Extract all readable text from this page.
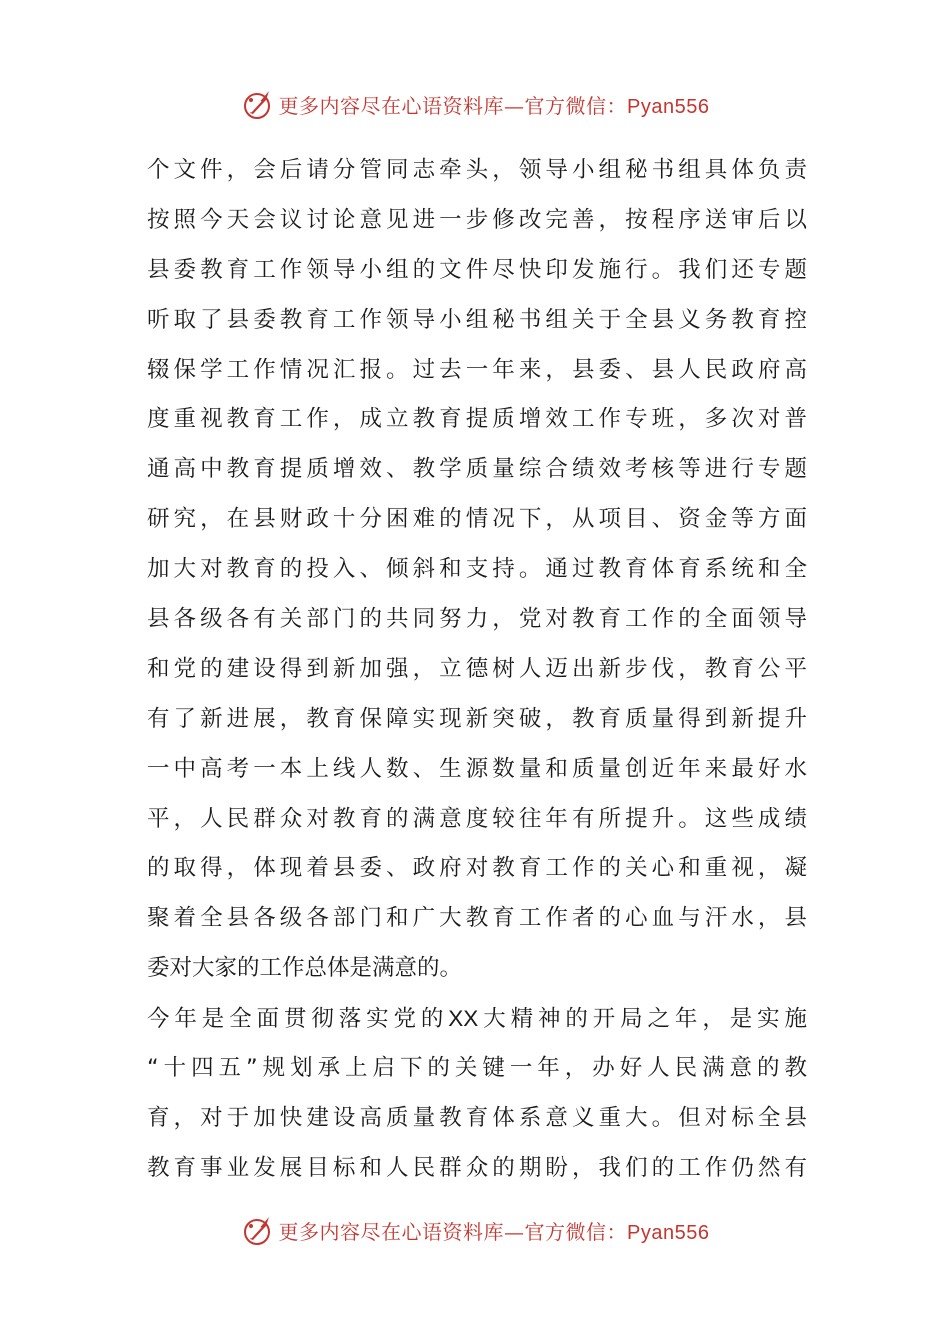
更多内容尽在心语资料库—官方微信：Pyan556
个文件，会后请分管同志牵头，领导小组秘书组具体负责
按照今天会议讨论意见进一步修改完善，按程序送审后以
县委教育工作领导小组的文件尽快印发施行。我们还专题
听取了县委教育工作领导小组秘书组关于全县义务教育控
辍保学工作情况汇报。过去一年来，县委、县人民政府高
度重视教育工作，成立教育提质增效工作专班，多次对普
通高中教育提质增效、教学质量综合绩效考核等进行专题
研究，在县财政十分困难的情况下，从项目、资金等方面
加大对教育的投入、倾斜和支持。通过教育体育系统和全
县各级各有关部门的共同努力，党对教育工作的全面领导
和党的建设得到新加强，立德树人迈出新步伐，教育公平
有了新进展，教育保障实现新突破，教育质量得到新提升
一中高考一本上线人数、生源数量和质量创近年来最好水
平，人民群众对教育的满意度较往年有所提升。这些成绩
的取得，体现着县委、政府对教育工作的关心和重视，凝
聚着全县各级各部门和广大教育工作者的心血与汗水，县
委对大家的工作总体是满意的。
今年是全面贯彻落实党的XX大精神的开局之年，是实施
“十四五”规划承上启下的关键一年，办好人民满意的教
育，对于加快建设高质量教育体系意义重大。但对标全县
教育事业发展目标和人民群众的期盼，我们的工作仍然有
更多内容尽在心语资料库—官方微信：Pyan556
